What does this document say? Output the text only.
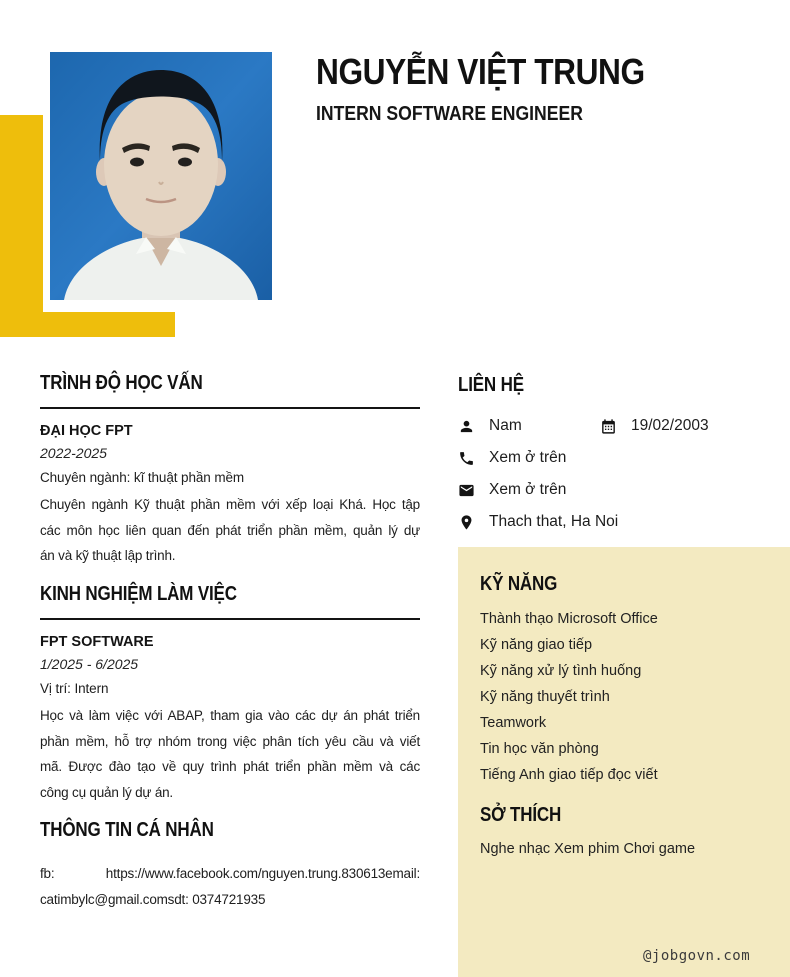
NGUYỄN VIỆT TRUNG
INTERN SOFTWARE ENGINEER
TRÌNH ĐỘ HỌC VẤN
ĐẠI HỌC FPT
2022-2025
Chuyên ngành: kĩ thuật phần mềm
Chuyên ngành Kỹ thuật phần mềm với xếp loại Khá. Học tập
các môn học liên quan đến phát triển phần mềm, quản lý dự
án và kỹ thuật lập trình.
KINH NGHIỆM LÀM VIỆC
FPT SOFTWARE
1/2025 - 6/2025
Vị trí: Intern
Học và làm việc với ABAP, tham gia vào các dự án phát triển
phần mềm, hỗ trợ nhóm trong việc phân tích yêu cầu và viết
mã. Được đào tạo về quy trình phát triển phần mềm và các
công cụ quản lý dự án.
THÔNG TIN CÁ NHÂN
fb: https://www.facebook.com/nguyen.trung.830613email:
catimbylc@gmail.comsdt: 0374721935
LIÊN HỆ
Nam	19/02/2003
Xem ở trên
Xem ở trên
Thach that, Ha Noi
KỸ NĂNG
Thành thạo Microsoft Office
Kỹ năng giao tiếp
Kỹ năng xử lý tình huống
Kỹ năng thuyết trình
Teamwork
Tin học văn phòng
Tiếng Anh giao tiếp đọc viết
SỞ THÍCH
Nghe nhạc Xem phim Chơi game
@jobgovn.com
